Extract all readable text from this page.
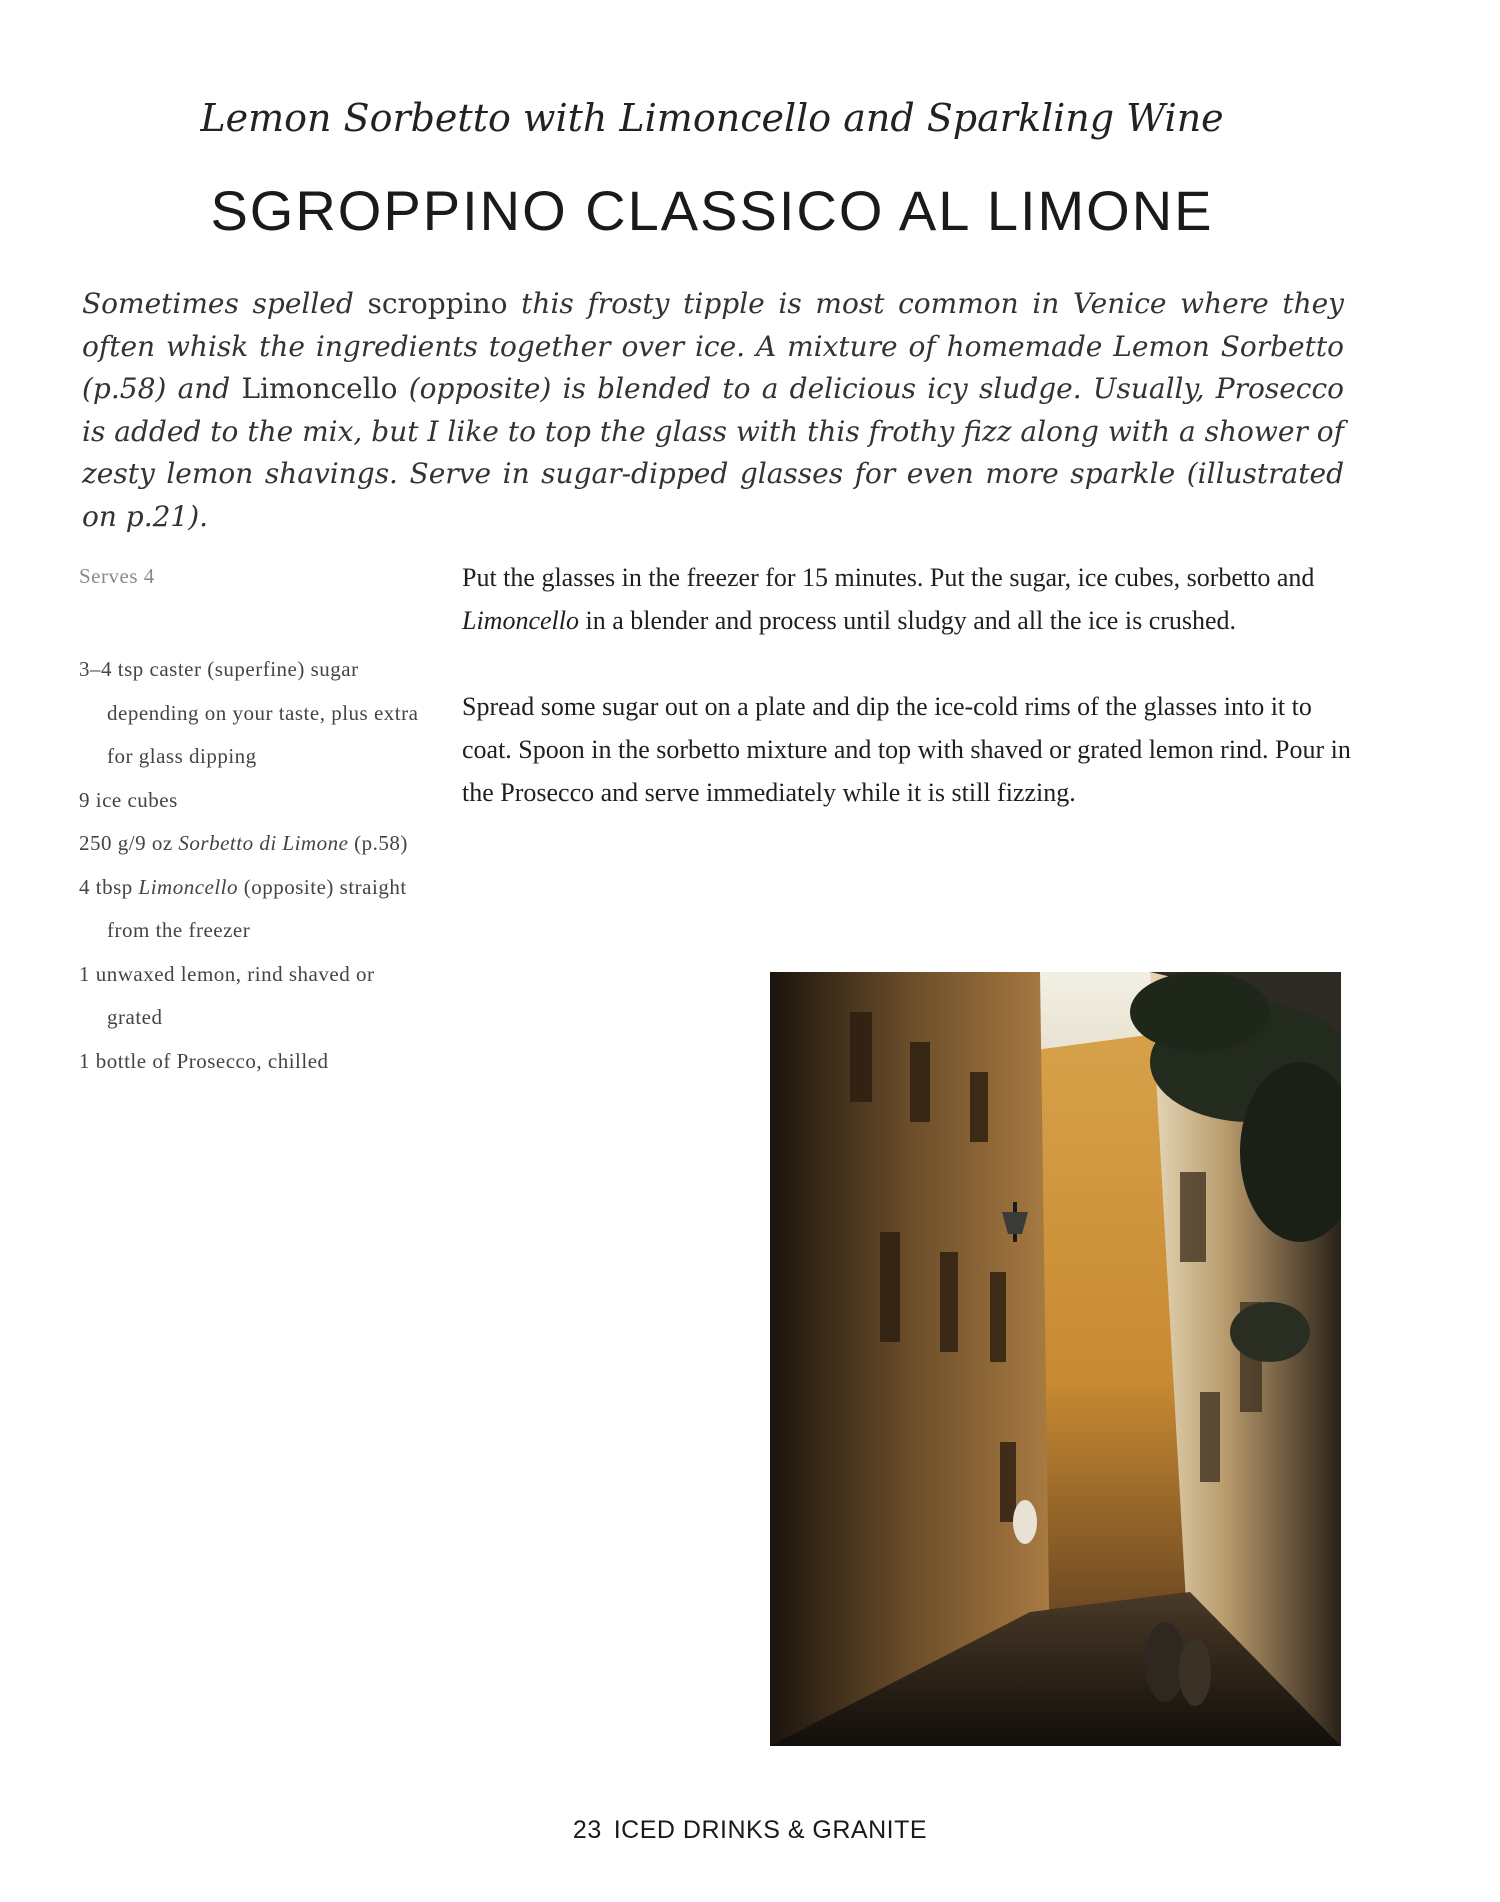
Lemon Sorbetto with Limoncello and Sparkling Wine
SGROPPINO CLASSICO AL LIMONE
Sometimes spelled scroppino this frosty tipple is most common in Venice where they often whisk the ingredients together over ice. A mixture of homemade Lemon Sorbetto (p.58) and Limoncello (opposite) is blended to a delicious icy sludge. Usually, Prosecco is added to the mix, but I like to top the glass with this frothy fizz along with a shower of zesty lemon shavings. Serve in sugar-dipped glasses for even more sparkle (illustrated on p.21).
Serves 4
3–4 tsp caster (superfine) sugar depending on your taste, plus extra for glass dipping
9 ice cubes
250 g/9 oz Sorbetto di Limone (p.58)
4 tbsp Limoncello (opposite) straight from the freezer
1 unwaxed lemon, rind shaved or grated
1 bottle of Prosecco, chilled

Put the glasses in the freezer for 15 minutes. Put the sugar, ice cubes, sorbetto and Limoncello in a blender and process until sludgy and all the ice is crushed.

Spread some sugar out on a plate and dip the ice-cold rims of the glasses into it to coat. Spoon in the sorbetto mixture and top with shaved or grated lemon rind. Pour in the Prosecco and serve immediately while it is still fizzing.

23 ICED DRINKS & GRANITE
